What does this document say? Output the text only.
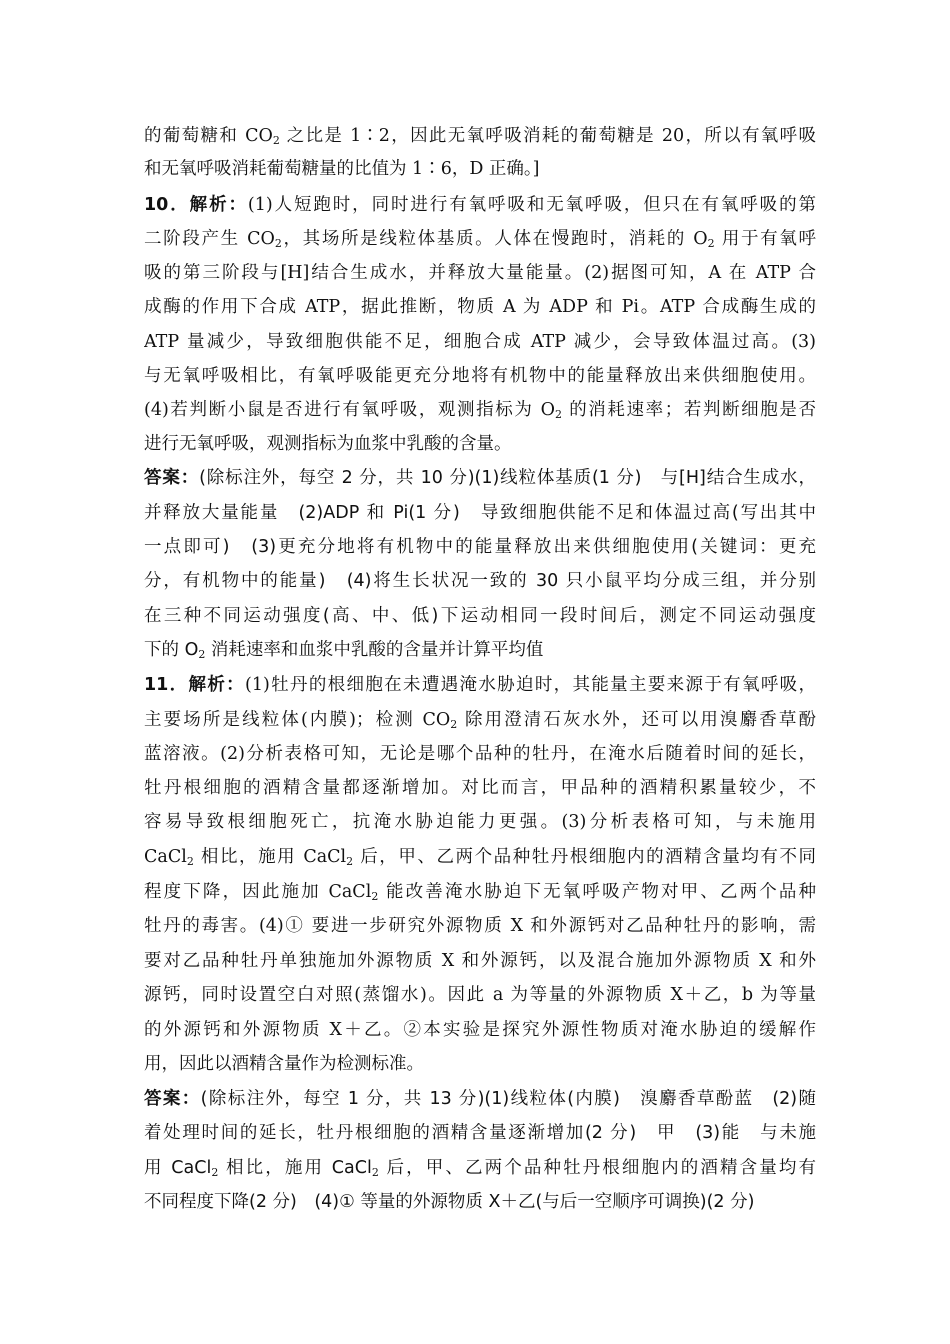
的葡萄糖和 $CO_2$ 之比是 1∶2，因此无氧呼吸消耗的葡萄糖是 20，所以有氧呼吸
和无氧呼吸消耗葡萄糖量的比值为 1∶6，D 正确。]
10．解析：(1)人短跑时，同时进行有氧呼吸和无氧呼吸，但只在有氧呼吸的第
二阶段产生 $CO_2$，其场所是线粒体基质。人体在慢跑时，消耗的 $O_2$ 用于有氧呼
吸的第三阶段与[H]结合生成水，并释放大量能量。(2)据图可知，A 在 ATP 合
成酶的作用下合成 ATP，据此推断，物质 A 为 ADP 和 Pi。ATP 合成酶生成的
ATP 量减少，导致细胞供能不足，细胞合成 ATP 减少，会导致体温过高。(3)
与无氧呼吸相比，有氧呼吸能更充分地将有机物中的能量释放出来供细胞使用。
(4)若判断小鼠是否进行有氧呼吸，观测指标为 $O_2$ 的消耗速率；若判断细胞是否
进行无氧呼吸，观测指标为血浆中乳酸的含量。
答案：(除标注外，每空 2 分，共 10 分)(1)线粒体基质(1 分)　与[H]结合生成水，
并释放大量能量　(2)ADP 和 Pi(1 分)　导致细胞供能不足和体温过高(写出其中
一点即可)　(3)更充分地将有机物中的能量释放出来供细胞使用(关键词：更充
分，有机物中的能量)　(4)将生长状况一致的 30 只小鼠平均分成三组，并分别
在三种不同运动强度(高、中、低)下运动相同一段时间后，测定不同运动强度
下的 $O_2$ 消耗速率和血浆中乳酸的含量并计算平均值
11．解析：(1)牡丹的根细胞在未遭遇淹水胁迫时，其能量主要来源于有氧呼吸，
主要场所是线粒体(内膜)；检测 $CO_2$ 除用澄清石灰水外，还可以用溴麝香草酚
蓝溶液。(2)分析表格可知，无论是哪个品种的牡丹，在淹水后随着时间的延长，
牡丹根细胞的酒精含量都逐渐增加。对比而言，甲品种的酒精积累量较少，不
容易导致根细胞死亡，抗淹水胁迫能力更强。(3)分析表格可知，与未施用
CaCl$_2$ 相比，施用 CaCl$_2$ 后，甲、乙两个品种牡丹根细胞内的酒精含量均有不同
程度下降，因此施加 CaCl$_2$ 能改善淹水胁迫下无氧呼吸产物对甲、乙两个品种
牡丹的毒害。(4)① 要进一步研究外源物质 X 和外源钙对乙品种牡丹的影响，需
要对乙品种牡丹单独施加外源物质 X 和外源钙，以及混合施加外源物质 X 和外
源钙，同时设置空白对照(蒸馏水)。因此 a 为等量的外源物质 X＋乙，b 为等量
的外源钙和外源物质 X＋乙。②本实验是探究外源性物质对淹水胁迫的缓解作
用，因此以酒精含量作为检测标准。
答案：(除标注外，每空 1 分，共 13 分)(1)线粒体(内膜)　溴麝香草酚蓝　(2)随
着处理时间的延长，牡丹根细胞的酒精含量逐渐增加(2 分)　甲　(3)能　与未施
用 CaCl$_2$ 相比，施用 CaCl$_2$ 后，甲、乙两个品种牡丹根细胞内的酒精含量均有
不同程度下降(2 分)　(4)① 等量的外源物质 X＋乙(与后一空顺序可调换)(2 分)
